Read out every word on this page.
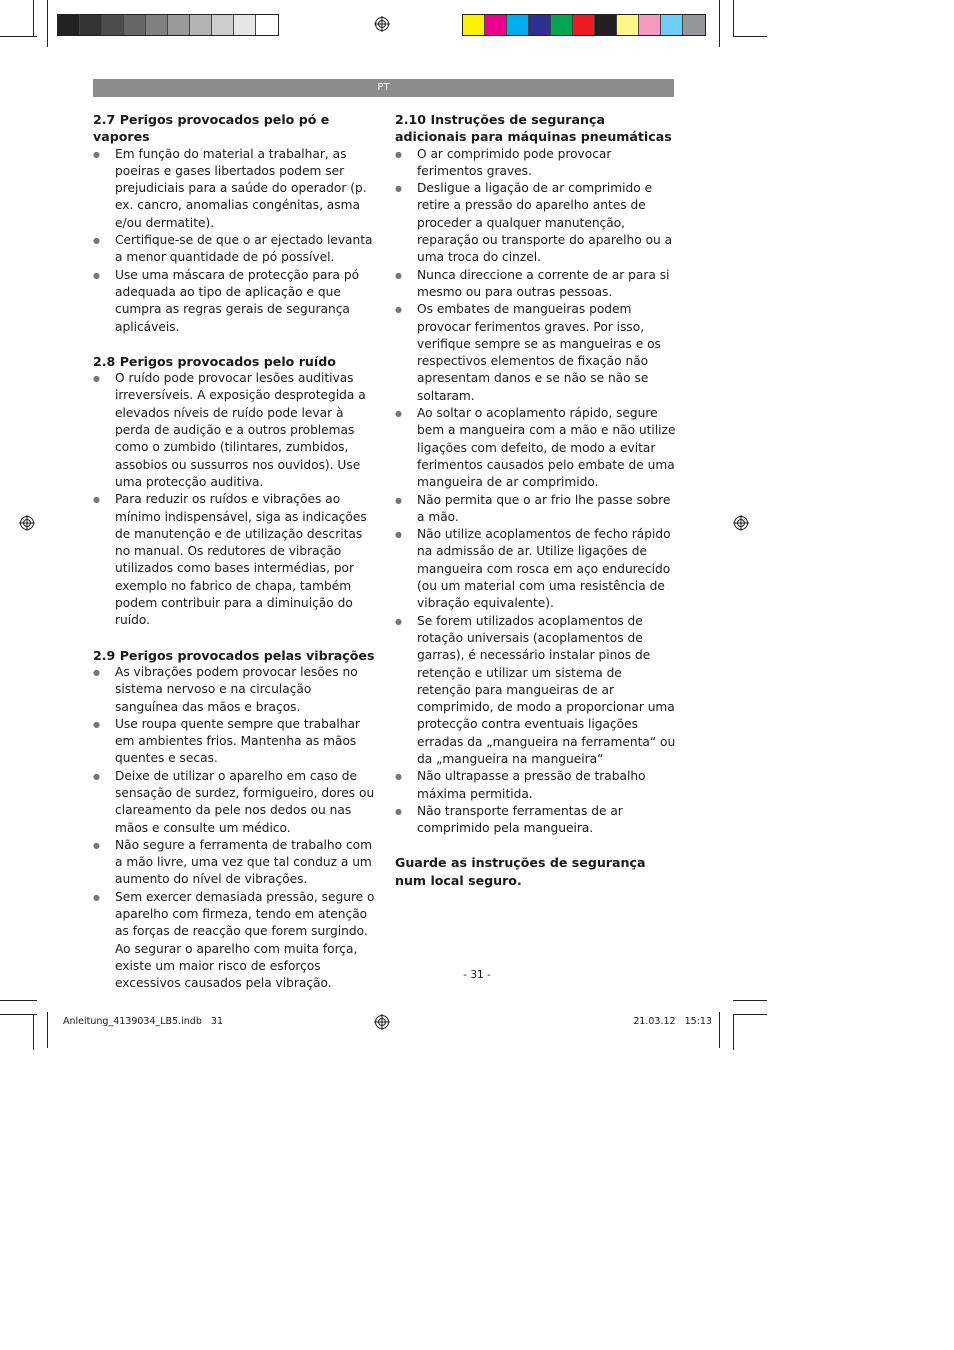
PT
2.7 Perigos provocados pelo pó e vapores
● Em função do material a trabalhar, as poeiras e gases libertados podem ser prejudiciais para a saúde do operador (p. ex. cancro, anomalias congénitas, asma e/ou dermatite).
● Certifique-se de que o ar ejectado levanta a menor quantidade de pó possível.
● Use uma máscara de protecção para pó adequada ao tipo de aplicação e que cumpra as regras gerais de segurança aplicáveis.
2.8 Perigos provocados pelo ruído
● O ruído pode provocar lesões auditivas irreversíveis. A exposição desprotegida a elevados níveis de ruído pode levar à perda de audição e a outros problemas como o zumbido (tilintares, zumbidos, assobios ou sussurros nos ouvidos). Use uma protecção auditiva.
● Para reduzir os ruídos e vibrações ao mínimo indispensável, siga as indicações de manutenção e de utilização descritas no manual. Os redutores de vibração utilizados como bases intermédias, por exemplo no fabrico de chapa, também podem contribuir para a diminuição do ruído.
2.9 Perigos provocados pelas vibrações
● As vibrações podem provocar lesões no sistema nervoso e na circulação sanguínea das mãos e braços.
● Use roupa quente sempre que trabalhar em ambientes frios. Mantenha as mãos quentes e secas.
● Deixe de utilizar o aparelho em caso de sensação de surdez, formigueiro, dores ou clareamento da pele nos dedos ou nas mãos e consulte um médico.
● Não segure a ferramenta de trabalho com a mão livre, uma vez que tal conduz a um aumento do nível de vibrações.
● Sem exercer demasiada pressão, segure o aparelho com firmeza, tendo em atenção as forças de reacção que forem surgindo. Ao segurar o aparelho com muita força, existe um maior risco de esforços excessivos causados pela vibração.
2.10 Instruções de segurança adicionais para máquinas pneumáticas
● O ar comprimido pode provocar ferimentos graves.
● Desligue a ligação de ar comprimido e retire a pressão do aparelho antes de proceder a qualquer manutenção, reparação ou transporte do aparelho ou a uma troca do cinzel.
● Nunca direccione a corrente de ar para si mesmo ou para outras pessoas.
● Os embates de mangueiras podem provocar ferimentos graves. Por isso, verifique sempre se as mangueiras e os respectivos elementos de fixação não apresentam danos e se não se não se soltaram.
● Ao soltar o acoplamento rápido, segure bem a mangueira com a mão e não utilize ligações com defeito, de modo a evitar ferimentos causados pelo embate de uma mangueira de ar comprimido.
● Não permita que o ar frio lhe passe sobre a mão.
● Não utilize acoplamentos de fecho rápido na admissão de ar. Utilize ligações de mangueira com rosca em aço endurecido (ou um material com uma resistência de vibração equivalente).
● Se forem utilizados acoplamentos de rotação universais (acoplamentos de garras), é necessário instalar pinos de retenção e utilizar um sistema de retenção para mangueiras de ar comprimido, de modo a proporcionar uma protecção contra eventuais ligações erradas da „mangueira na ferramenta“ ou da „mangueira na mangueira“
● Não ultrapasse a pressão de trabalho máxima permitida.
● Não transporte ferramentas de ar comprimido pela mangueira.
Guarde as instruções de segurança num local seguro.
- 31 -
Anleitung_4139034_LB5.indb   31	21.03.12   15:13
